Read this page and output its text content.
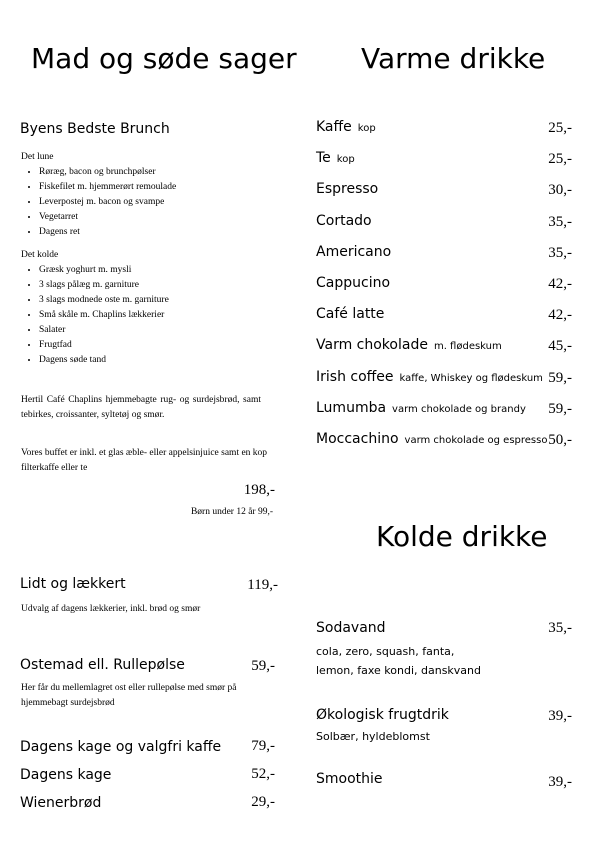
Mad og søde sager
Byens Bedste Brunch
Det lune
• Røræg, bacon og brunchpølser
• Fiskefilet m. hjemmerørt remoulade
• Leverpostej m. bacon og svampe
• Vegetarret
• Dagens ret
Det kolde
• Græsk yoghurt m. mysli
• 3 slags pålæg m. garniture
• 3 slags modnede oste m. garniture
• Små skåle m. Chaplins lækkerier
• Salater
• Frugtfad
• Dagens søde tand
Hertil Café Chaplins hjemmebagte rug- og surdejsbrød, samt tebirkes, croissanter, syltetøj og smør.
Vores buffet er inkl. et glas æble- eller appelsinjuice samt en kop filterkaffe eller te
198,-
Børn under 12 år 99,-
Lidt og lækkert	119,-
Udvalg af dagens lækkerier, inkl. brød og smør
Ostemad ell. Rullepølse	59,-
Her får du mellemlagret ost eller rullepølse med smør på hjemmebagt surdejsbrød
Dagens kage og valgfri kaffe	79,-
Dagens kage	52,-
Wienerbrød	29,-
Varme drikke
Kaffe kop	25,-
Te kop	25,-
Espresso	30,-
Cortado	35,-
Americano	35,-
Cappucino	42,-
Café latte	42,-
Varm chokolade m. flødeskum	45,-
Irish coffee kaffe, Whiskey og flødeskum 59,-
Lumumba varm chokolade og brandy 59,-
Moccachino varm chokolade og espresso 50,-
Kolde drikke
Sodavand	35,-
cola, zero, squash, fanta,
lemon, faxe kondi, danskvand
Økologisk frugtdrik	39,-
Solbær, hyldeblomst
Smoothie	39,-
